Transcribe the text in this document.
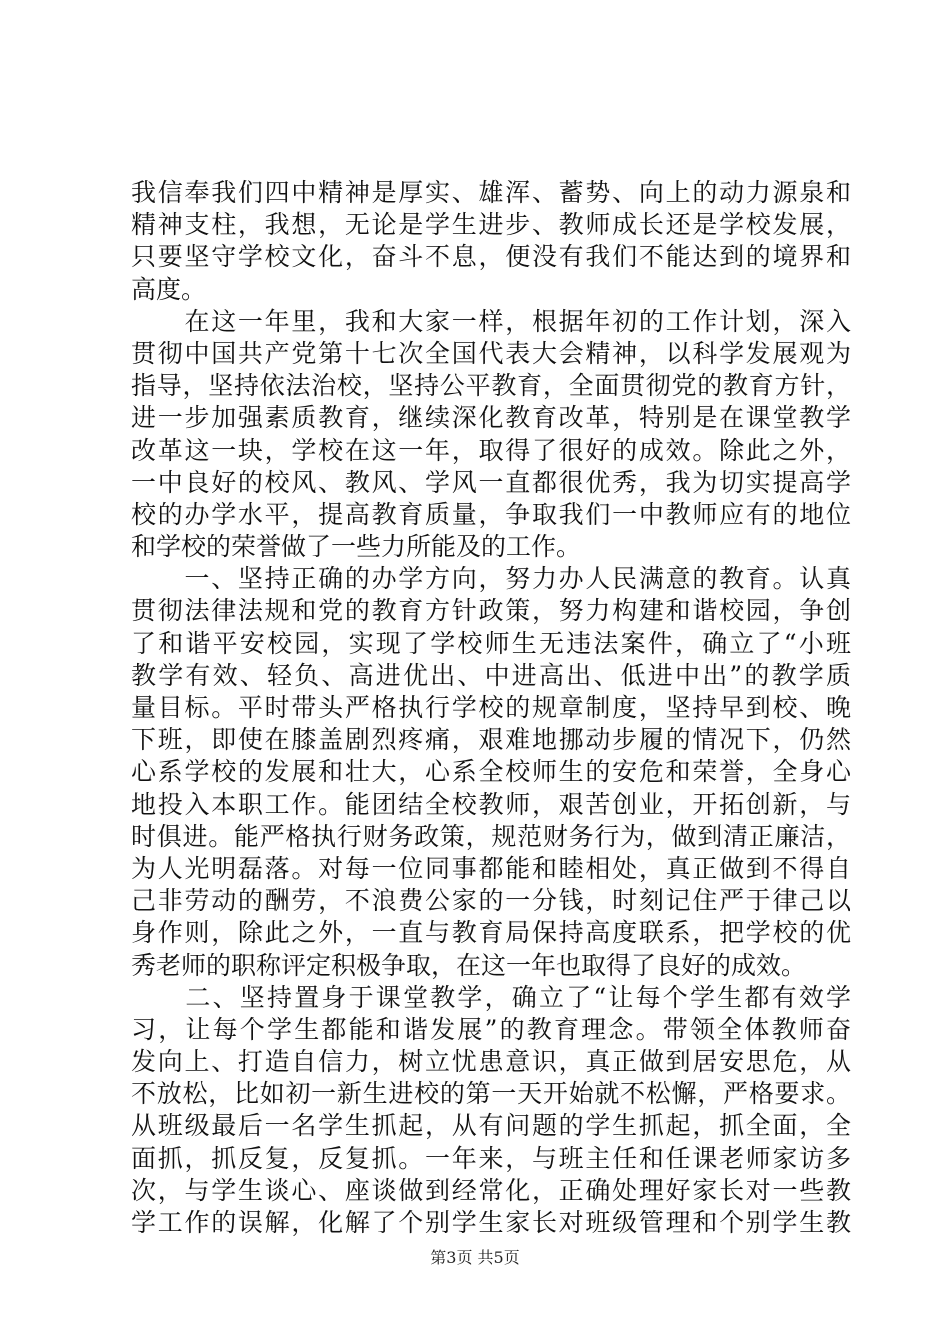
我信奉我们四中精神是厚实、雄浑、蓄势、向上的动力源泉和
精神支柱，我想，无论是学生进步、教师成长还是学校发展，
只要坚守学校文化，奋斗不息，便没有我们不能达到的境界和
高度。
　　在这一年里，我和大家一样，根据年初的工作计划，深入
贯彻中国共产党第十七次全国代表大会精神，以科学发展观为
指导，坚持依法治校，坚持公平教育，全面贯彻党的教育方针，
进一步加强素质教育，继续深化教育改革，特别是在课堂教学
改革这一块，学校在这一年，取得了很好的成效。除此之外，
一中良好的校风、教风、学风一直都很优秀，我为切实提高学
校的办学水平，提高教育质量，争取我们一中教师应有的地位
和学校的荣誉做了一些力所能及的工作。
　　一、坚持正确的办学方向，努力办人民满意的教育。认真
贯彻法律法规和党的教育方针政策，努力构建和谐校园，争创
了和谐平安校园，实现了学校师生无违法案件，确立了“小班
教学有效、轻负、高进优出、中进高出、低进中出”的教学质
量目标。平时带头严格执行学校的规章制度，坚持早到校、晚
下班，即使在膝盖剧烈疼痛，艰难地挪动步履的情况下，仍然
心系学校的发展和壮大，心系全校师生的安危和荣誉，全身心
地投入本职工作。能团结全校教师，艰苦创业，开拓创新，与
时俱进。能严格执行财务政策，规范财务行为，做到清正廉洁，
为人光明磊落。对每一位同事都能和睦相处，真正做到不得自
己非劳动的酬劳，不浪费公家的一分钱，时刻记住严于律己以
身作则，除此之外，一直与教育局保持高度联系，把学校的优
秀老师的职称评定积极争取，在这一年也取得了良好的成效。
　　二、坚持置身于课堂教学，确立了“让每个学生都有效学
习，让每个学生都能和谐发展”的教育理念。带领全体教师奋
发向上、打造自信力，树立忧患意识，真正做到居安思危，从
不放松，比如初一新生进校的第一天开始就不松懈，严格要求。
从班级最后一名学生抓起，从有问题的学生抓起，抓全面，全
面抓，抓反复，反复抓。一年来，与班主任和任课老师家访多
次，与学生谈心、座谈做到经常化，正确处理好家长对一些教
学工作的误解，化解了个别学生家长对班级管理和个别学生教
第3页 共5页
